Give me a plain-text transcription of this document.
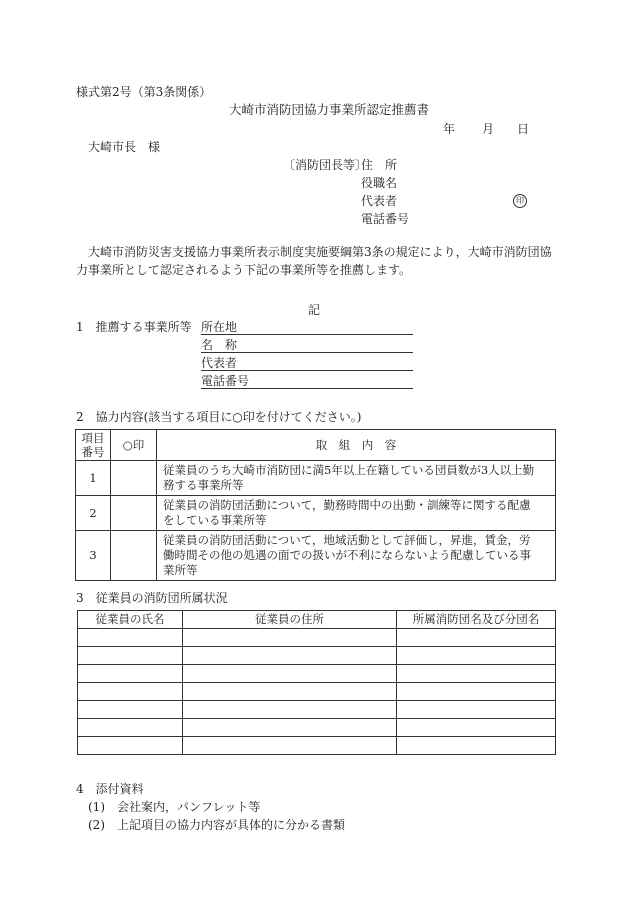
様式第2号（第3条関係）
大崎市消防団協力事業所認定推薦書
年 月 日
大崎市長　様
〔消防団長等〕
住　所
役職名
代表者	印
電話番号
大崎市消防災害支援協力事業所表示制度実施要綱第3条の規定により，大崎市消防団協
力事業所として認定されるよう下記の事業所等を推薦します。
記
1　推薦する事業所等 所在地
名　称
代表者
電話番号
2　協力内容(該当する項目に○印を付けてください。)
項目番号	○印	取　組　内　容
1		従業員のうち大崎市消防団に満5年以上在籍している団員数が3人以上勤
務する事業所等

2		従業員の消防団活動について，勤務時間中の出動・訓練等に関する配慮
をしている事業所等

3		従業員の消防団活動について，地域活動として評価し，昇進，賃金，労
働時間その他の処遇の面での扱いが不利にならないよう配慮している事
業所等
3　従業員の消防団所属状況
従業員の氏名	従業員の住所	所属消防団名及び分団名

4　添付資料
(1)　会社案内，パンフレット等
(2)　上記項目の協力内容が具体的に分かる書類
